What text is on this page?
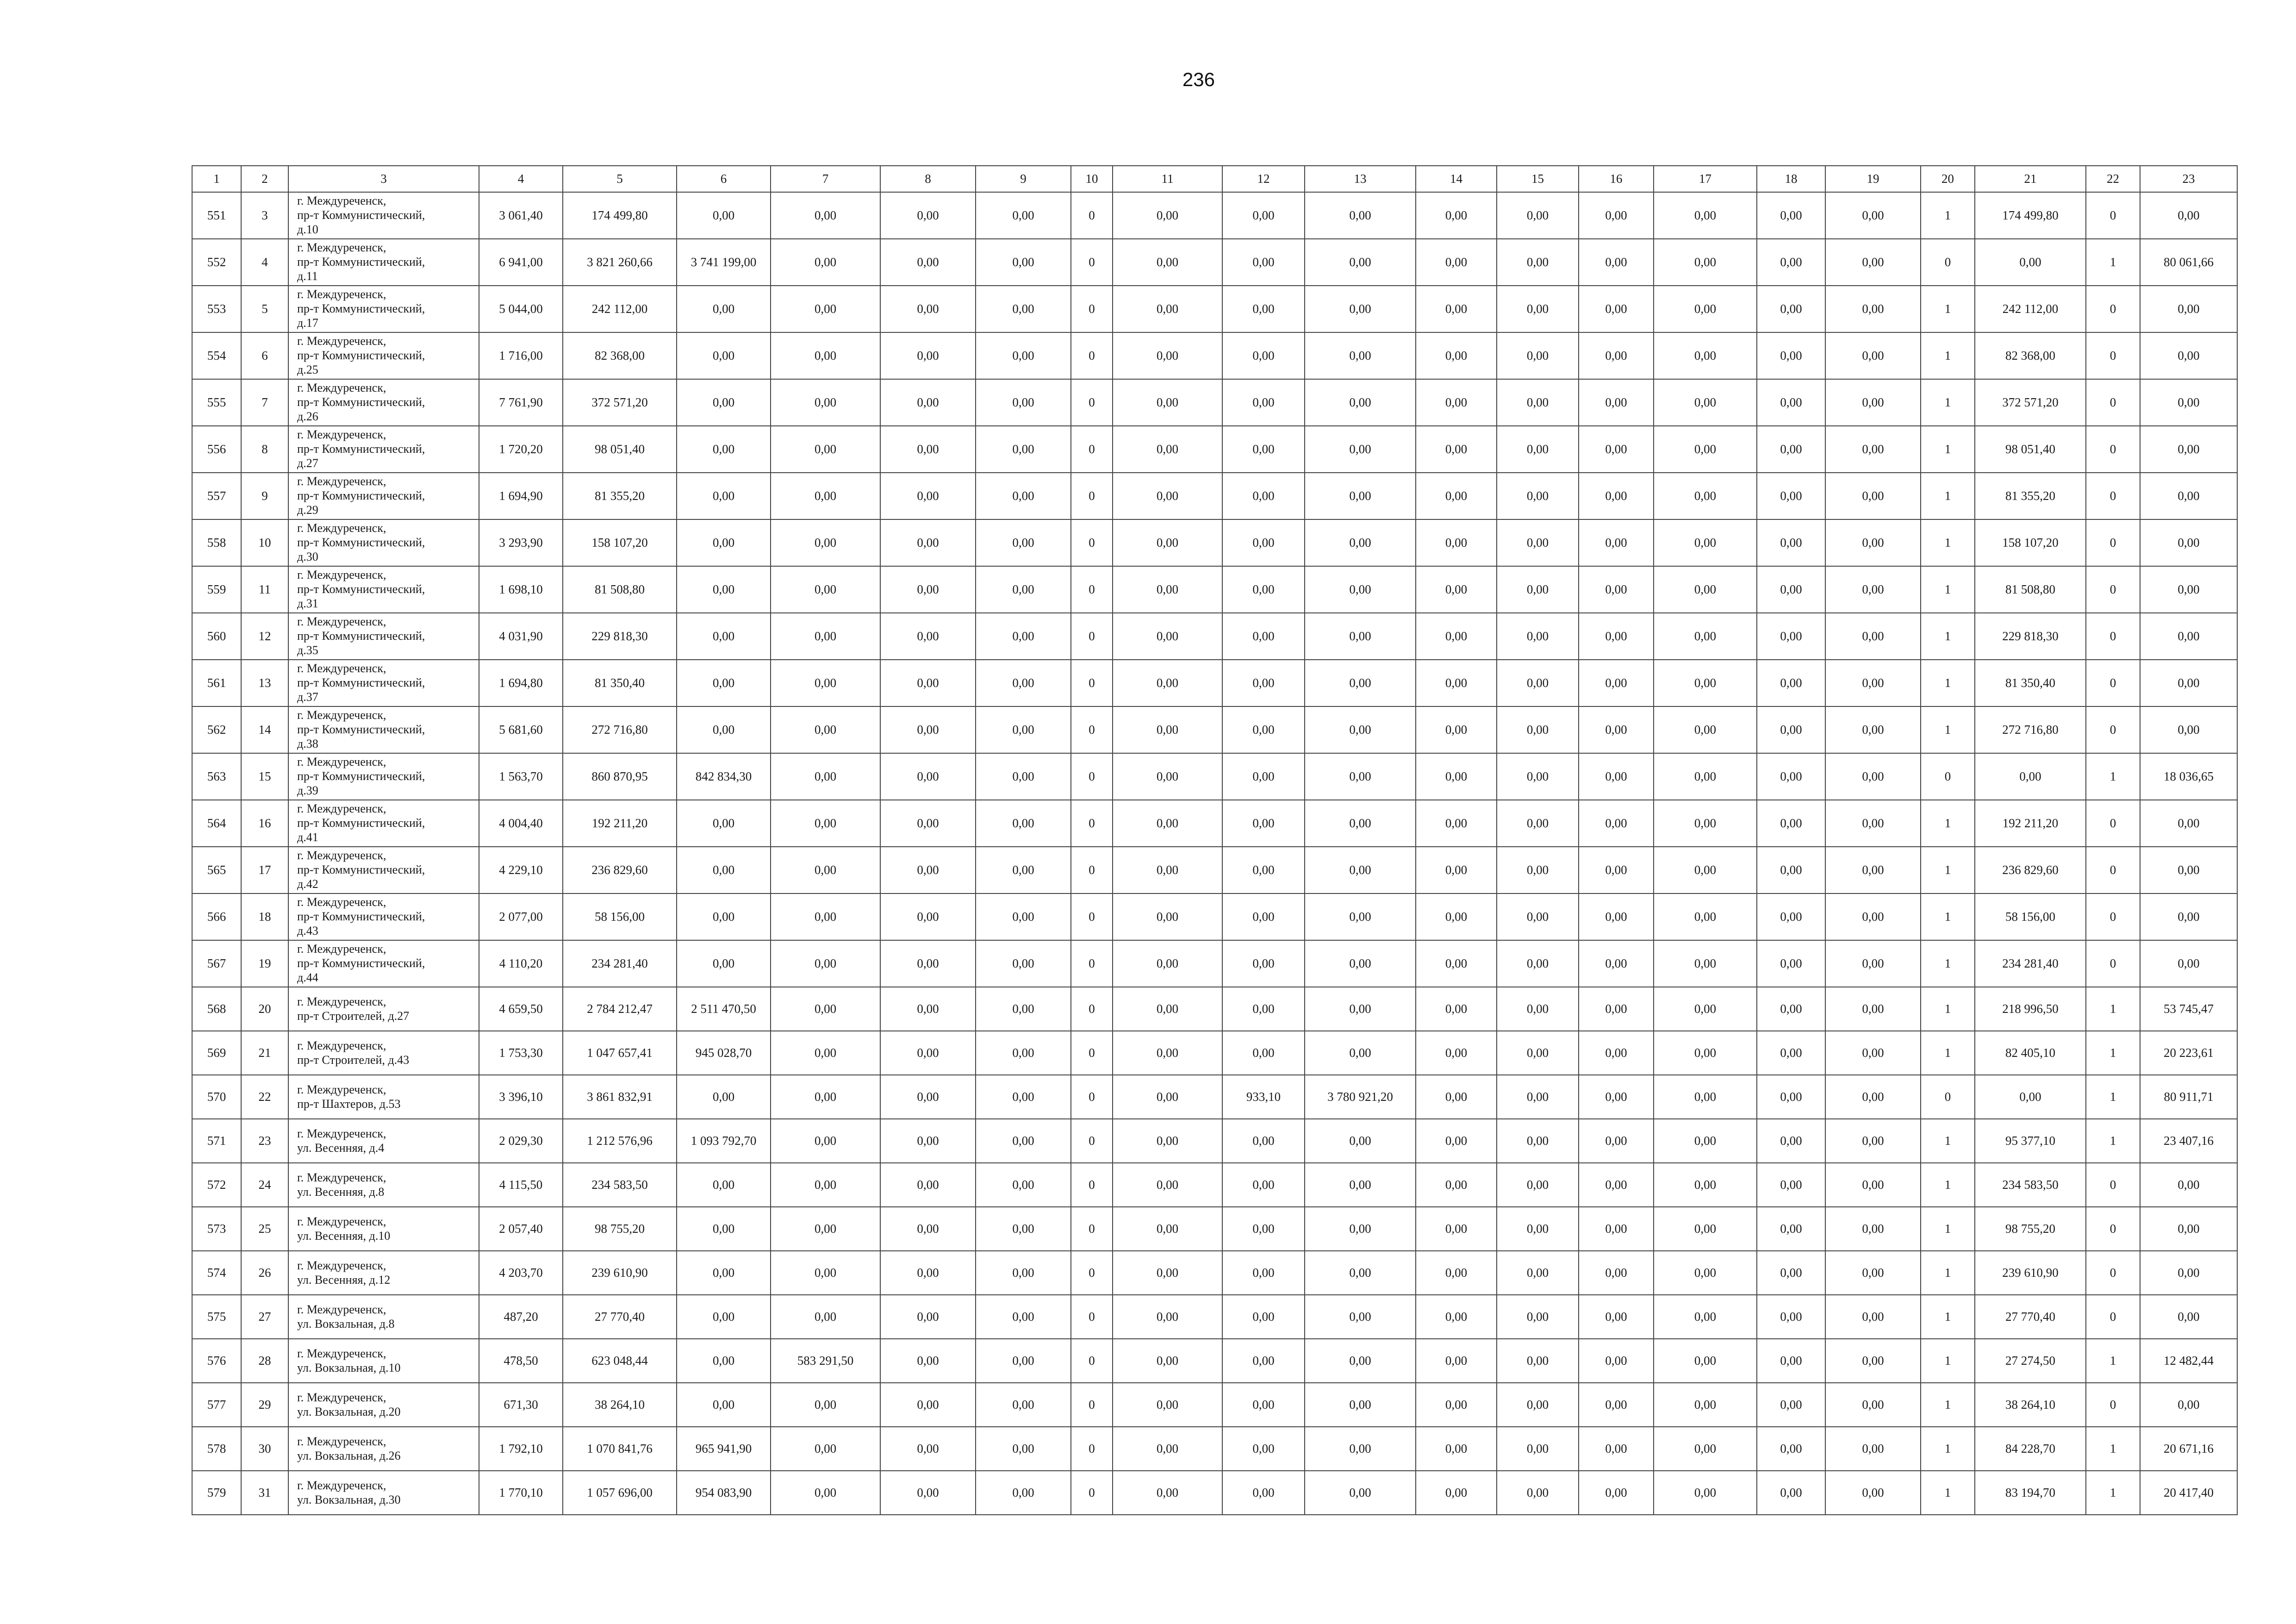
236
1	2	3	4	5	6	7	8	9	10	11	12	13	14	15	16	17	18	19	20	21	22	23
551	3	г. Междуреченск,
пр-т Коммунистический,
д.10	3 061,40	174 499,80	0,00	0,00	0,00	0,00	0	0,00	0,00	0,00	0,00	0,00	0,00	0,00	0,00	0,00	1	174 499,80	0	0,00
552	4	г. Междуреченск,
пр-т Коммунистический,
д.11	6 941,00	3 821 260,66	3 741 199,00	0,00	0,00	0,00	0	0,00	0,00	0,00	0,00	0,00	0,00	0,00	0,00	0,00	0	0,00	1	80 061,66
553	5	г. Междуреченск,
пр-т Коммунистический,
д.17	5 044,00	242 112,00	0,00	0,00	0,00	0,00	0	0,00	0,00	0,00	0,00	0,00	0,00	0,00	0,00	0,00	1	242 112,00	0	0,00
554	6	г. Междуреченск,
пр-т Коммунистический,
д.25	1 716,00	82 368,00	0,00	0,00	0,00	0,00	0	0,00	0,00	0,00	0,00	0,00	0,00	0,00	0,00	0,00	1	82 368,00	0	0,00
555	7	г. Междуреченск,
пр-т Коммунистический,
д.26	7 761,90	372 571,20	0,00	0,00	0,00	0,00	0	0,00	0,00	0,00	0,00	0,00	0,00	0,00	0,00	0,00	1	372 571,20	0	0,00
556	8	г. Междуреченск,
пр-т Коммунистический,
д.27	1 720,20	98 051,40	0,00	0,00	0,00	0,00	0	0,00	0,00	0,00	0,00	0,00	0,00	0,00	0,00	0,00	1	98 051,40	0	0,00
557	9	г. Междуреченск,
пр-т Коммунистический,
д.29	1 694,90	81 355,20	0,00	0,00	0,00	0,00	0	0,00	0,00	0,00	0,00	0,00	0,00	0,00	0,00	0,00	1	81 355,20	0	0,00
558	10	г. Междуреченск,
пр-т Коммунистический,
д.30	3 293,90	158 107,20	0,00	0,00	0,00	0,00	0	0,00	0,00	0,00	0,00	0,00	0,00	0,00	0,00	0,00	1	158 107,20	0	0,00
559	11	г. Междуреченск,
пр-т Коммунистический,
д.31	1 698,10	81 508,80	0,00	0,00	0,00	0,00	0	0,00	0,00	0,00	0,00	0,00	0,00	0,00	0,00	0,00	1	81 508,80	0	0,00
560	12	г. Междуреченск,
пр-т Коммунистический,
д.35	4 031,90	229 818,30	0,00	0,00	0,00	0,00	0	0,00	0,00	0,00	0,00	0,00	0,00	0,00	0,00	0,00	1	229 818,30	0	0,00
561	13	г. Междуреченск,
пр-т Коммунистический,
д.37	1 694,80	81 350,40	0,00	0,00	0,00	0,00	0	0,00	0,00	0,00	0,00	0,00	0,00	0,00	0,00	0,00	1	81 350,40	0	0,00
562	14	г. Междуреченск,
пр-т Коммунистический,
д.38	5 681,60	272 716,80	0,00	0,00	0,00	0,00	0	0,00	0,00	0,00	0,00	0,00	0,00	0,00	0,00	0,00	1	272 716,80	0	0,00
563	15	г. Междуреченск,
пр-т Коммунистический,
д.39	1 563,70	860 870,95	842 834,30	0,00	0,00	0,00	0	0,00	0,00	0,00	0,00	0,00	0,00	0,00	0,00	0,00	0	0,00	1	18 036,65
564	16	г. Междуреченск,
пр-т Коммунистический,
д.41	4 004,40	192 211,20	0,00	0,00	0,00	0,00	0	0,00	0,00	0,00	0,00	0,00	0,00	0,00	0,00	0,00	1	192 211,20	0	0,00
565	17	г. Междуреченск,
пр-т Коммунистический,
д.42	4 229,10	236 829,60	0,00	0,00	0,00	0,00	0	0,00	0,00	0,00	0,00	0,00	0,00	0,00	0,00	0,00	1	236 829,60	0	0,00
566	18	г. Междуреченск,
пр-т Коммунистический,
д.43	2 077,00	58 156,00	0,00	0,00	0,00	0,00	0	0,00	0,00	0,00	0,00	0,00	0,00	0,00	0,00	0,00	1	58 156,00	0	0,00
567	19	г. Междуреченск,
пр-т Коммунистический,
д.44	4 110,20	234 281,40	0,00	0,00	0,00	0,00	0	0,00	0,00	0,00	0,00	0,00	0,00	0,00	0,00	0,00	1	234 281,40	0	0,00
568	20	г. Междуреченск,
пр-т Строителей, д.27	4 659,50	2 784 212,47	2 511 470,50	0,00	0,00	0,00	0	0,00	0,00	0,00	0,00	0,00	0,00	0,00	0,00	0,00	1	218 996,50	1	53 745,47
569	21	г. Междуреченск,
пр-т Строителей, д.43	1 753,30	1 047 657,41	945 028,70	0,00	0,00	0,00	0	0,00	0,00	0,00	0,00	0,00	0,00	0,00	0,00	0,00	1	82 405,10	1	20 223,61
570	22	г. Междуреченск,
пр-т Шахтеров, д.53	3 396,10	3 861 832,91	0,00	0,00	0,00	0,00	0	0,00	933,10	3 780 921,20	0,00	0,00	0,00	0,00	0,00	0,00	0	0,00	1	80 911,71
571	23	г. Междуреченск,
ул. Весенняя, д.4	2 029,30	1 212 576,96	1 093 792,70	0,00	0,00	0,00	0	0,00	0,00	0,00	0,00	0,00	0,00	0,00	0,00	0,00	1	95 377,10	1	23 407,16
572	24	г. Междуреченск,
ул. Весенняя, д.8	4 115,50	234 583,50	0,00	0,00	0,00	0,00	0	0,00	0,00	0,00	0,00	0,00	0,00	0,00	0,00	0,00	1	234 583,50	0	0,00
573	25	г. Междуреченск,
ул. Весенняя, д.10	2 057,40	98 755,20	0,00	0,00	0,00	0,00	0	0,00	0,00	0,00	0,00	0,00	0,00	0,00	0,00	0,00	1	98 755,20	0	0,00
574	26	г. Междуреченск,
ул. Весенняя, д.12	4 203,70	239 610,90	0,00	0,00	0,00	0,00	0	0,00	0,00	0,00	0,00	0,00	0,00	0,00	0,00	0,00	1	239 610,90	0	0,00
575	27	г. Междуреченск,
ул. Вокзальная, д.8	487,20	27 770,40	0,00	0,00	0,00	0,00	0	0,00	0,00	0,00	0,00	0,00	0,00	0,00	0,00	0,00	1	27 770,40	0	0,00
576	28	г. Междуреченск,
ул. Вокзальная, д.10	478,50	623 048,44	0,00	583 291,50	0,00	0,00	0	0,00	0,00	0,00	0,00	0,00	0,00	0,00	0,00	0,00	1	27 274,50	1	12 482,44
577	29	г. Междуреченск,
ул. Вокзальная, д.20	671,30	38 264,10	0,00	0,00	0,00	0,00	0	0,00	0,00	0,00	0,00	0,00	0,00	0,00	0,00	0,00	1	38 264,10	0	0,00
578	30	г. Междуреченск,
ул. Вокзальная, д.26	1 792,10	1 070 841,76	965 941,90	0,00	0,00	0,00	0	0,00	0,00	0,00	0,00	0,00	0,00	0,00	0,00	0,00	1	84 228,70	1	20 671,16
579	31	г. Междуреченск,
ул. Вокзальная, д.30	1 770,10	1 057 696,00	954 083,90	0,00	0,00	0,00	0	0,00	0,00	0,00	0,00	0,00	0,00	0,00	0,00	0,00	1	83 194,70	1	20 417,40
